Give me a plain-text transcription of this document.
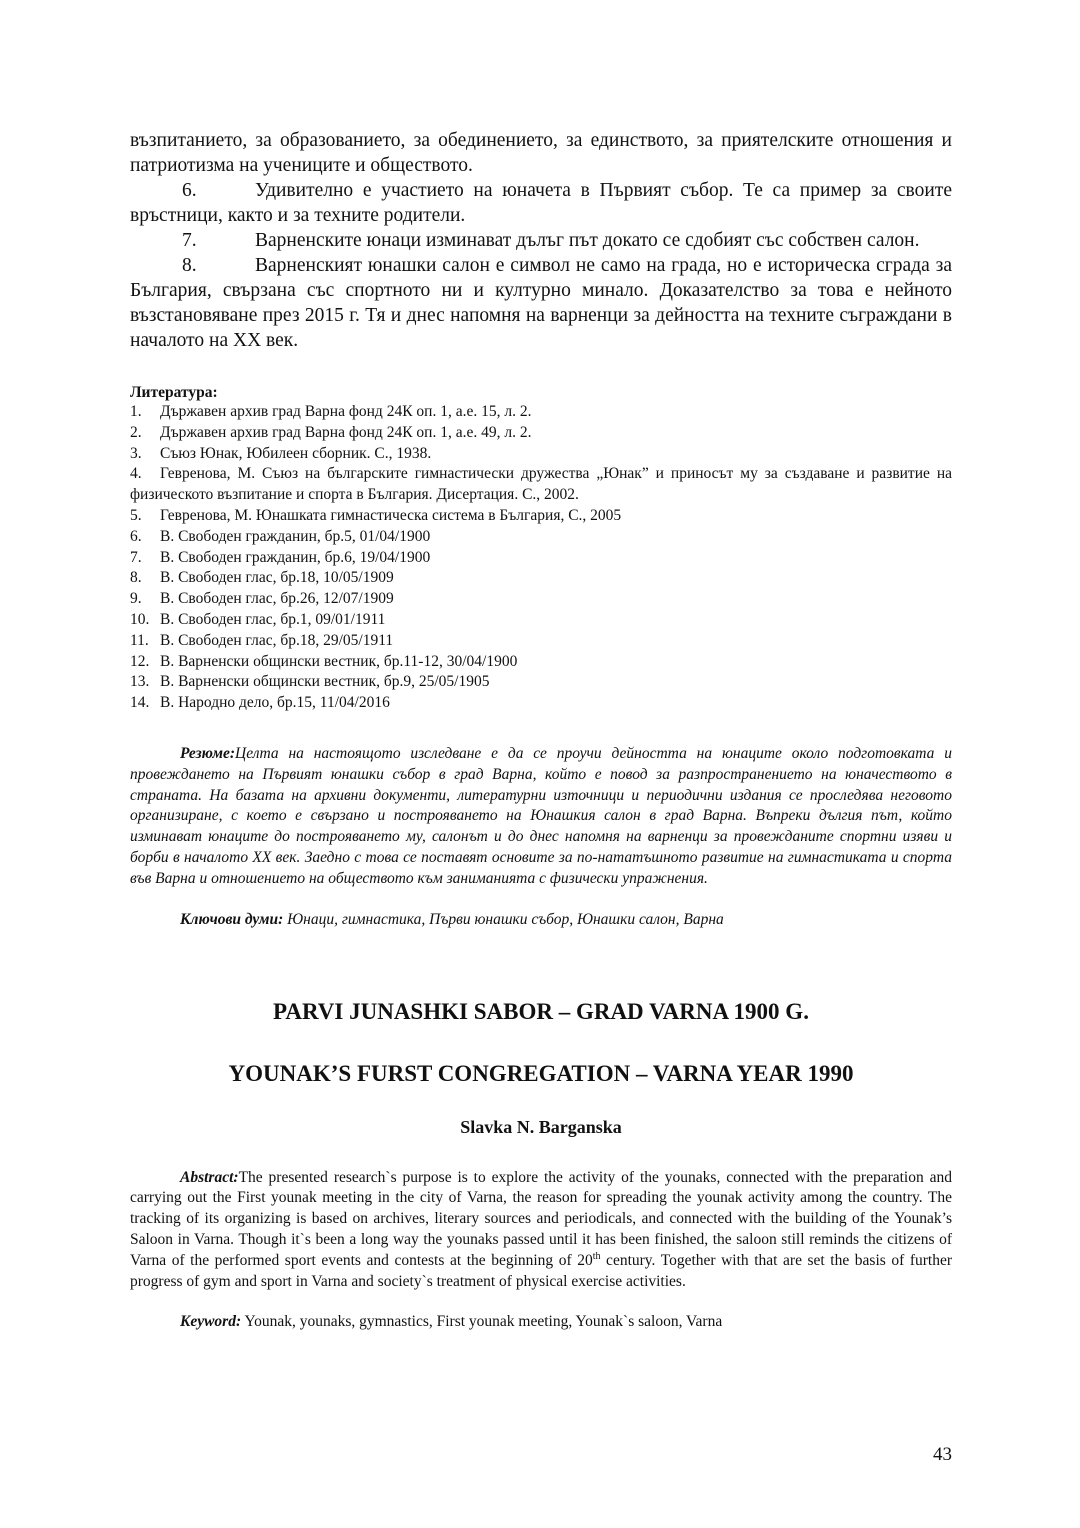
възпитанието, за образованието, за обединението, за единството, за приятелските отношения и патриотизма на учениците и обществото.

6.	Удивително е участието на юначета в Първият събор. Те са пример за своите връстници, както и за техните родители.

7.	Варненските юнаци изминават дълъг път докато се сдобият със собствен салон.

8.	Варненският юнашки салон е символ не само на града, но е историческа сграда за България, свързана със спортното ни и културно минало. Доказателство за това е нейното възстановяване през 2015 г. Тя и днес напомня на варненци за дейността на техните съграждани в началото на ХХ век.

Литература:

1. Държавен архив град Варна фонд 24К оп. 1, а.е. 15, л. 2.
2. Държавен архив град Варна фонд 24К оп. 1, а.е. 49, л. 2.
3. Съюз Юнак, Юбилеен сборник. С., 1938.
4. Гевренова, М. Съюз на българските гимнастически дружества „Юнак” и приносът му за създаване и развитие на физическото възпитание и спорта в България. Дисертация. С., 2002.
5. Гевренова, М. Юнашката гимнастическа система в България, С., 2005
6. В. Свободен гражданин, бр.5, 01/04/1900
7. В. Свободен гражданин, бр.6, 19/04/1900
8. В. Свободен глас, бр.18, 10/05/1909
9. В. Свободен глас, бр.26, 12/07/1909
10. В. Свободен глас, бр.1, 09/01/1911
11. В. Свободен глас, бр.18, 29/05/1911
12. В. Варненски общински вестник, бр.11-12, 30/04/1900
13. В. Варненски общински вестник, бр.9, 25/05/1905
14. В. Народно дело, бр.15, 11/04/2016

Резюме:Целта на настоящото изследване е да се проучи дейността на юнаците около подготовката и провеждането на Първият юнашки събор в град Варна, който е повод за разпространението на юначеството в страната. На базата на архивни документи, литературни източници и периодични издания се проследява неговото организиране, с което е свързано и построяването на Юнашкия салон в град Варна. Въпреки дългия път, който изминават юнаците до построяването му, салонът и до днес напомня на варненци за провежданите спортни изяви и борби в началото ХХ век. Заедно с това се поставят основите за по-нататъшното развитие на гимнастиката и спорта във Варна и отношението на обществото към заниманията с физически упражнения.

Ключови думи: Юнаци, гимнастика, Първи юнашки събор, Юнашки салон, Варна

PARVI JUNASHKI SABOR – GRAD VARNA 1900 G.

YOUNAK’S FURST CONGREGATION – VARNA YEAR 1990

Slavka N. Barganska

Abstract:The presented research`s purpose is to explore the activity of the younaks, connected with the preparation and carrying out the First younak meeting in the city of Varna, the reason for spreading the younak activity among the country. The tracking of its organizing is based on archives, literary sources and periodicals, and connected with the building of the Younak’s Saloon in Varna. Though it`s been a long way the younaks passed until it has been finished, the saloon still reminds the citizens of Varna of the performed sport events and contests at the beginning of 20th century. Together with that are set the basis of further progress of gym and sport in Varna and society`s treatment of physical exercise activities.

Keyword: Younak, younaks, gymnastics, First younak meeting, Younak`s saloon, Varna

43
